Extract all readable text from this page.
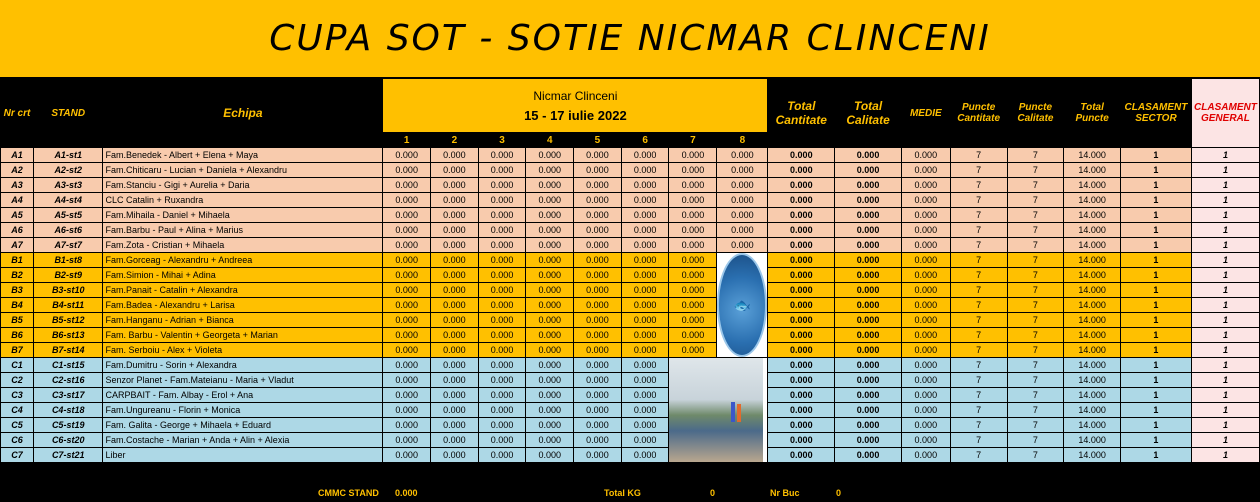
CUPA SOT - SOTIE NICMAR CLINCENI
Nr crt	STAND	Echipa	Nicmar Clinceni
15 - 17 iulie 2022								Total Cantitate	Total Calitate	MEDIE	Puncte Cantitate	Puncte Calitate	Total Puncte	CLASAMENT SECTOR	CLASAMENT GENERAL
			1	2	3	4	5	6	7	8								
A1	A1-st1	Fam.Benedek - Albert + Elena + Maya	0.000	0.000	0.000	0.000	0.000	0.000	0.000	0.000	0.000	0.000	0.000	7	7	14.000	1	1
A2	A2-st2	Fam.Chiticaru - Lucian + Daniela + Alexandru	0.000	0.000	0.000	0.000	0.000	0.000	0.000	0.000	0.000	0.000	0.000	7	7	14.000	1	1
A3	A3-st3	Fam.Stanciu - Gigi + Aurelia + Daria	0.000	0.000	0.000	0.000	0.000	0.000	0.000	0.000	0.000	0.000	0.000	7	7	14.000	1	1
A4	A4-st4	CLC Catalin + Ruxandra	0.000	0.000	0.000	0.000	0.000	0.000	0.000	0.000	0.000	0.000	0.000	7	7	14.000	1	1
A5	A5-st5	Fam.Mihaila - Daniel + Mihaela	0.000	0.000	0.000	0.000	0.000	0.000	0.000	0.000	0.000	0.000	0.000	7	7	14.000	1	1
A6	A6-st6	Fam.Barbu - Paul + Alina + Marius	0.000	0.000	0.000	0.000	0.000	0.000	0.000	0.000	0.000	0.000	0.000	7	7	14.000	1	1
A7	A7-st7	Fam.Zota - Cristian + Mihaela	0.000	0.000	0.000	0.000	0.000	0.000	0.000	0.000	0.000	0.000	0.000	7	7	14.000	1	1
B1	B1-st8	Fam.Gorceag - Alexandru + Andreea	0.000	0.000	0.000	0.000	0.000	0.000	0.000	🐟	0.000	0.000	0.000	7	7	14.000	1	1
B2	B2-st9	Fam.Simion - Mihai + Adina	0.000	0.000	0.000	0.000	0.000	0.000	0.000		0.000	0.000	0.000	7	7	14.000	1	1
B3	B3-st10	Fam.Panait - Catalin + Alexandra	0.000	0.000	0.000	0.000	0.000	0.000	0.000		0.000	0.000	0.000	7	7	14.000	1	1
B4	B4-st11	Fam.Badea - Alexandru + Larisa	0.000	0.000	0.000	0.000	0.000	0.000	0.000		0.000	0.000	0.000	7	7	14.000	1	1
B5	B5-st12	Fam.Hanganu - Adrian + Bianca	0.000	0.000	0.000	0.000	0.000	0.000	0.000		0.000	0.000	0.000	7	7	14.000	1	1
B6	B6-st13	Fam. Barbu - Valentin + Georgeta + Marian	0.000	0.000	0.000	0.000	0.000	0.000	0.000		0.000	0.000	0.000	7	7	14.000	1	1
B7	B7-st14	Fam. Serboiu - Alex + Violeta	0.000	0.000	0.000	0.000	0.000	0.000	0.000		0.000	0.000	0.000	7	7	14.000	1	1
C1	C1-st15	Fam.Dumitru - Sorin + Alexandra	0.000	0.000	0.000	0.000	0.000	0.000			0.000	0.000	0.000	7	7	14.000	1	1
C2	C2-st16	Senzor Planet - Fam.Mateianu - Maria + Vladut	0.000	0.000	0.000	0.000	0.000	0.000			0.000	0.000	0.000	7	7	14.000	1	1
C3	C3-st17	CARPBAIT - Fam. Albay - Erol + Ana	0.000	0.000	0.000	0.000	0.000	0.000			0.000	0.000	0.000	7	7	14.000	1	1
C4	C4-st18	Fam.Ungureanu - Florin + Monica	0.000	0.000	0.000	0.000	0.000	0.000			0.000	0.000	0.000	7	7	14.000	1	1
C5	C5-st19	Fam. Galita - George + Mihaela + Eduard	0.000	0.000	0.000	0.000	0.000	0.000			0.000	0.000	0.000	7	7	14.000	1	1
C6	C6-st20	Fam.Costache - Marian + Anda + Alin + Alexia	0.000	0.000	0.000	0.000	0.000	0.000			0.000	0.000	0.000	7	7	14.000	1	1
C7	C7-st21	Liber	0.000	0.000	0.000	0.000	0.000	0.000			0.000	0.000	0.000	7	7	14.000	1	1
CMMC STAND 0.000	Total KG	0	Nr Buc	0
